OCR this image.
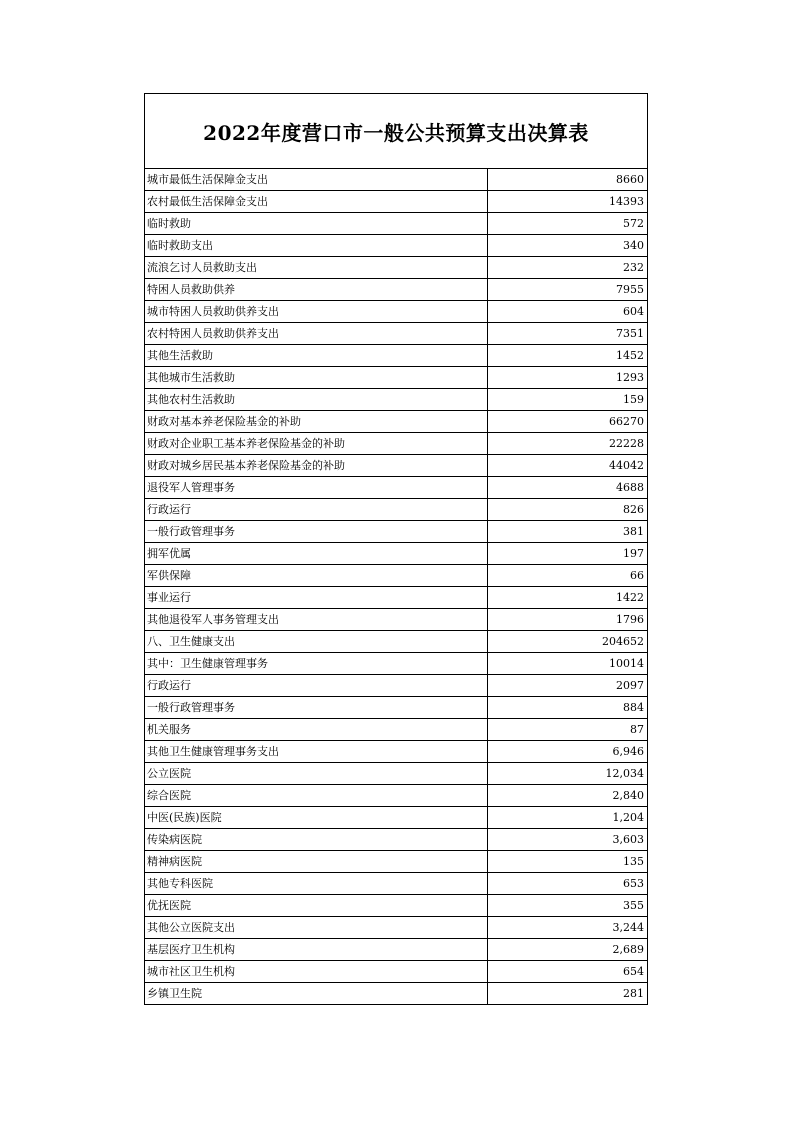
2022年度营口市一般公共预算支出决算表
城市最低生活保障金支出	8660
农村最低生活保障金支出	14393
临时救助	572
临时救助支出	340
流浪乞讨人员救助支出	232
特困人员救助供养	7955
城市特困人员救助供养支出	604
农村特困人员救助供养支出	7351
其他生活救助	1452
其他城市生活救助	1293
其他农村生活救助	159
财政对基本养老保险基金的补助	66270
财政对企业职工基本养老保险基金的补助	22228
财政对城乡居民基本养老保险基金的补助	44042
退役军人管理事务	4688
行政运行	826
一般行政管理事务	381
拥军优属	197
军供保障	66
事业运行	1422
其他退役军人事务管理支出	1796
八、卫生健康支出	204652
其中：卫生健康管理事务	10014
行政运行	2097
一般行政管理事务	884
机关服务	87
其他卫生健康管理事务支出	6,946
公立医院	12,034
综合医院	2,840
中医(民族)医院	1,204
传染病医院	3,603
精神病医院	135
其他专科医院	653
优抚医院	355
其他公立医院支出	3,244
基层医疗卫生机构	2,689
城市社区卫生机构	654
乡镇卫生院	281
